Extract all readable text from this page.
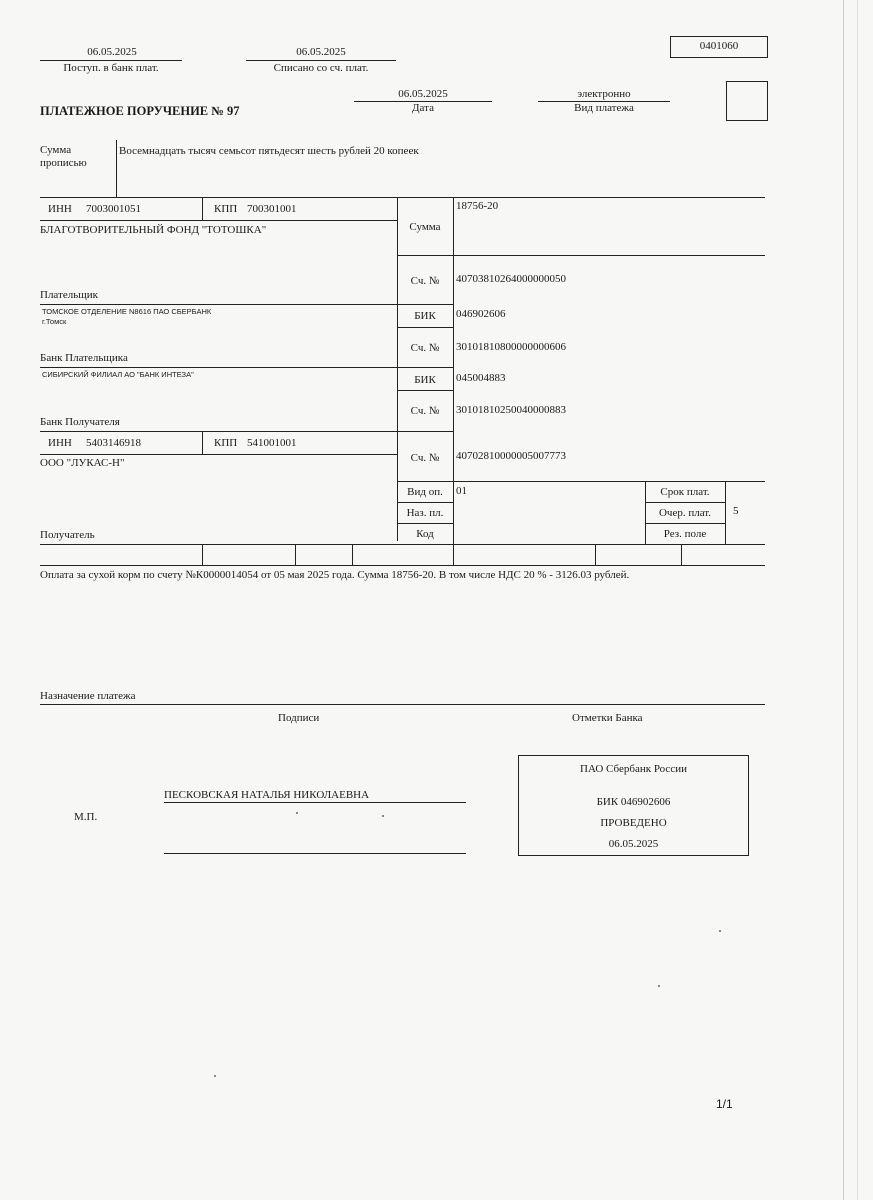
06.05.2025
Поступ. в банк плат.
06.05.2025
Списано со сч. плат.
0401060
ПЛАТЕЖНОЕ ПОРУЧЕНИЕ № 97
06.05.2025
Дата
электронно
Вид платежа
Сумма
прописью
Восемнадцать тысяч семьсот пятьдесят шесть рублей 20 копеек
ИНН 7003001051	КПП 700301001
БЛАГОТВОРИТЕЛЬНЫЙ ФОНД "ТОТОШКА"	Сумма
18756-20
Сч. №	40703810264000000050
Плательщик
ТОМСКОЕ ОТДЕЛЕНИЕ N8616 ПАО СБЕРБАНК
г.Томск	БИК	046902606
Сч. №	30101810800000000606
Банк Плательщика
СИБИРСКИЙ ФИЛИАЛ АО "БАНК ИНТЕЗА"	БИК	045004883
Сч. №	30101810250040000883
Банк Получателя
ИНН 5403146918	КПП 541001001
ООО "ЛУКАС-Н"	Сч. №	40702810000005007773
Вид оп.	01
Наз. пл.
Код
Срок плат.
Очер. плат.	5
Рез. поле
Получатель
Оплата за сухой корм по счету №К0000014054 от 05 мая 2025 года. Сумма 18756-20. В том числе НДС 20 % - 3126.03 рублей.
Назначение платежа
Подписи	Отметки Банка
ПЕСКОВСКАЯ НАТАЛЬЯ НИКОЛАЕВНА
М.П.
ПАО Сбербанк России
БИК 046902606
ПРОВЕДЕНО
06.05.2025
1/1
